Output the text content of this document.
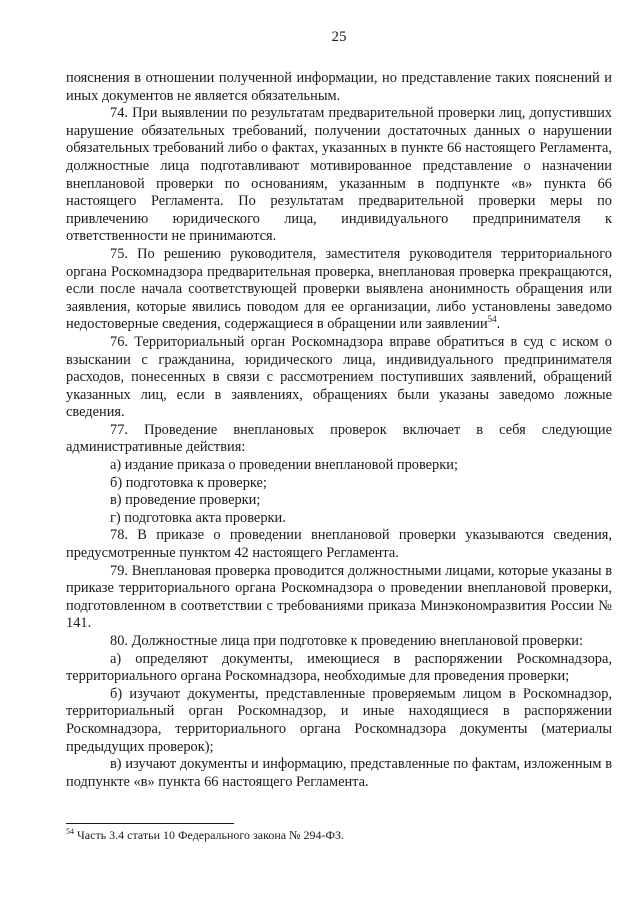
25

пояснения в отношении полученной информации, но представление таких пояснений и иных документов не является обязательным.

74. При выявлении по результатам предварительной проверки лиц, допустивших нарушение обязательных требований, получении достаточных данных о нарушении обязательных требований либо о фактах, указанных в пункте 66 настоящего Регламента, должностные лица подготавливают мотивированное представление о назначении внеплановой проверки по основаниям, указанным в подпункте «в» пункта 66 настоящего Регламента. По результатам предварительной проверки меры по привлечению юридического лица, индивидуального предпринимателя к ответственности не принимаются.

75. По решению руководителя, заместителя руководителя территориального органа Роскомнадзора предварительная проверка, внеплановая проверка прекращаются, если после начала соответствующей проверки выявлена анонимность обращения или заявления, которые явились поводом для ее организации, либо установлены заведомо недостоверные сведения, содержащиеся в обращении или заявлении$^{54}$.

76. Территориальный орган Роскомнадзора вправе обратиться в суд с иском о взыскании с гражданина, юридического лица, индивидуального предпринимателя расходов, понесенных в связи с рассмотрением поступивших заявлений, обращений указанных лиц, если в заявлениях, обращениях были указаны заведомо ложные сведения.

77. Проведение внеплановых проверок включает в себя следующие административные действия:

а) издание приказа о проведении внеплановой проверки;

б) подготовка к проверке;

в) проведение проверки;

г) подготовка акта проверки.

78. В приказе о проведении внеплановой проверки указываются сведения, предусмотренные пунктом 42 настоящего Регламента.

79. Внеплановая проверка проводится должностными лицами, которые указаны в приказе территориального органа Роскомнадзора о проведении внеплановой проверки, подготовленном в соответствии с требованиями приказа Минэкономразвития России № 141.

80. Должностные лица при подготовке к проведению внеплановой проверки:

а) определяют документы, имеющиеся в распоряжении Роскомнадзора, территориального органа Роскомнадзора, необходимые для проведения проверки;

б) изучают документы, представленные проверяемым лицом в Роскомнадзор, территориальный орган Роскомнадзор, и иные находящиеся в распоряжении Роскомнадзора, территориального органа Роскомнадзора документы (материалы предыдущих проверок);

в) изучают документы и информацию, представленные по фактам, изложенным в подпункте «в» пункта 66 настоящего Регламента.

$^{54}$ Часть 3.4 статьи 10 Федерального закона № 294-ФЗ.
